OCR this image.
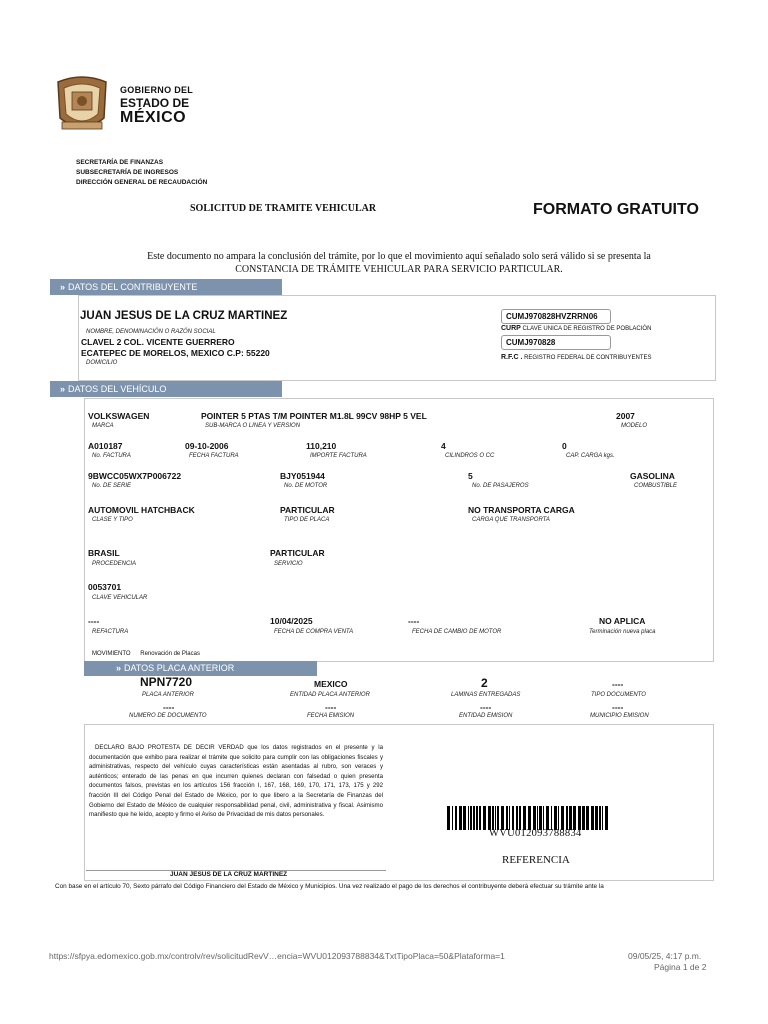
GOBIERNO DEL
ESTADO DE
MÉXICO
SECRETARÍA DE FINANZAS
SUBSECRETARÍA DE INGRESOS
DIRECCIÓN GENERAL DE RECAUDACIÓN
SOLICITUD DE TRAMITE VEHICULAR	FORMATO GRATUITO
Este documento no ampara la conclusión del trámite, por lo que el movimiento aquí señalado solo será válido si se presenta la
CONSTANCIA DE TRÁMITE VEHICULAR PARA SERVICIO PARTICULAR.
» DATOS DEL CONTRIBUYENTE
JUAN JESUS DE LA CRUZ MARTINEZ
NOMBRE, DENOMINACIÓN O RAZÓN SOCIAL
CLAVEL 2 COL. VICENTE GUERRERO
ECATEPEC DE MORELOS, MEXICO C.P: 55220
DOMICILIO
CUMJ970828HVZRRN06
CURP CLAVE UNICA DE REGISTRO DE POBLACIÓN
CUMJ970828
R.F.C . REGISTRO FEDERAL DE CONTRIBUYENTES
» DATOS DEL VEHÍCULO
VOLKSWAGEN
MARCA
POINTER 5 PTAS T/M POINTER M1.8L 99CV 98HP 5 VEL
SUB-MARCA O LINEA Y VERSION
2007
MODELO
A010187
No. FACTURA
09-10-2006
FECHA FACTURA
110,210
IMPORTE FACTURA
4
CILINDROS O CC
0
CAP. CARGA kgs.
9BWCC05WX7P006722
No. DE SERIE
BJY051944
No. DE MOTOR
5
No. DE PASAJEROS
GASOLINA
COMBUSTIBLE
AUTOMOVIL HATCHBACK
CLASE Y TIPO
PARTICULAR
TIPO DE PLACA
NO TRANSPORTA CARGA
CARGA QUE TRANSPORTA
BRASIL
PROCEDENCIA
PARTICULAR
SERVICIO
0053701
CLAVE VEHICULAR
----
REFACTURA
10/04/2025
FECHA DE COMPRA VENTA
----
FECHA DE CAMBIO DE MOTOR
NO APLICA
Terminación nueva placa
MOVIMIENTO Renovación de Placas
» DATOS PLACA ANTERIOR
NPN7720
PLACA ANTERIOR
MEXICO
ENTIDAD PLACA ANTERIOR
2
LAMINAS ENTREGADAS
----
TIPO DOCUMENTO
----
NUMERO DE DOCUMENTO
----
FECHA EMISION
----
ENTIDAD EMISION
----
MUNICIPIO EMISION
DECLARO BAJO PROTESTA DE DECIR VERDAD que los datos registrados en el presente y la documentación que exhibo para realizar el trámite que solicito para cumplir con las obligaciones fiscales y administrativas, respecto del vehículo cuyas características están asentadas al rubro, son veraces y auténticos; enterado de las penas en que incurren quienes declaran con falsedad o quien presenta documentos falsos, previstas en los artículos 156 fracción I, 167, 168, 169, 170, 171, 173, 175 y 292 fracción III del Código Penal del Estado de México, por lo que libero a la Secretaría de Finanzas del Gobierno del Estado de México de cualquier responsabilidad penal, civil, administrativa y fiscal. Asimismo manifiesto que he leído, acepto y firmo el Aviso de Privacidad de mis datos personales.
JUAN JESUS DE LA CRUZ MARTINEZ
WVU012093788834
REFERENCIA
Con base en el artículo 70, Sexto párrafo del Código Financiero del Estado de México y Municipios. Una vez realizado el pago de los derechos el contribuyente deberá efectuar su trámite ante la
https://sfpya.edomexico.gob.mx/controlv/rev/solicitudRevV…encia=WVU012093788834&TxtTipoPlaca=50&Plataforma=1	09/05/25, 4:17 p.m.
Página 1 de 2
